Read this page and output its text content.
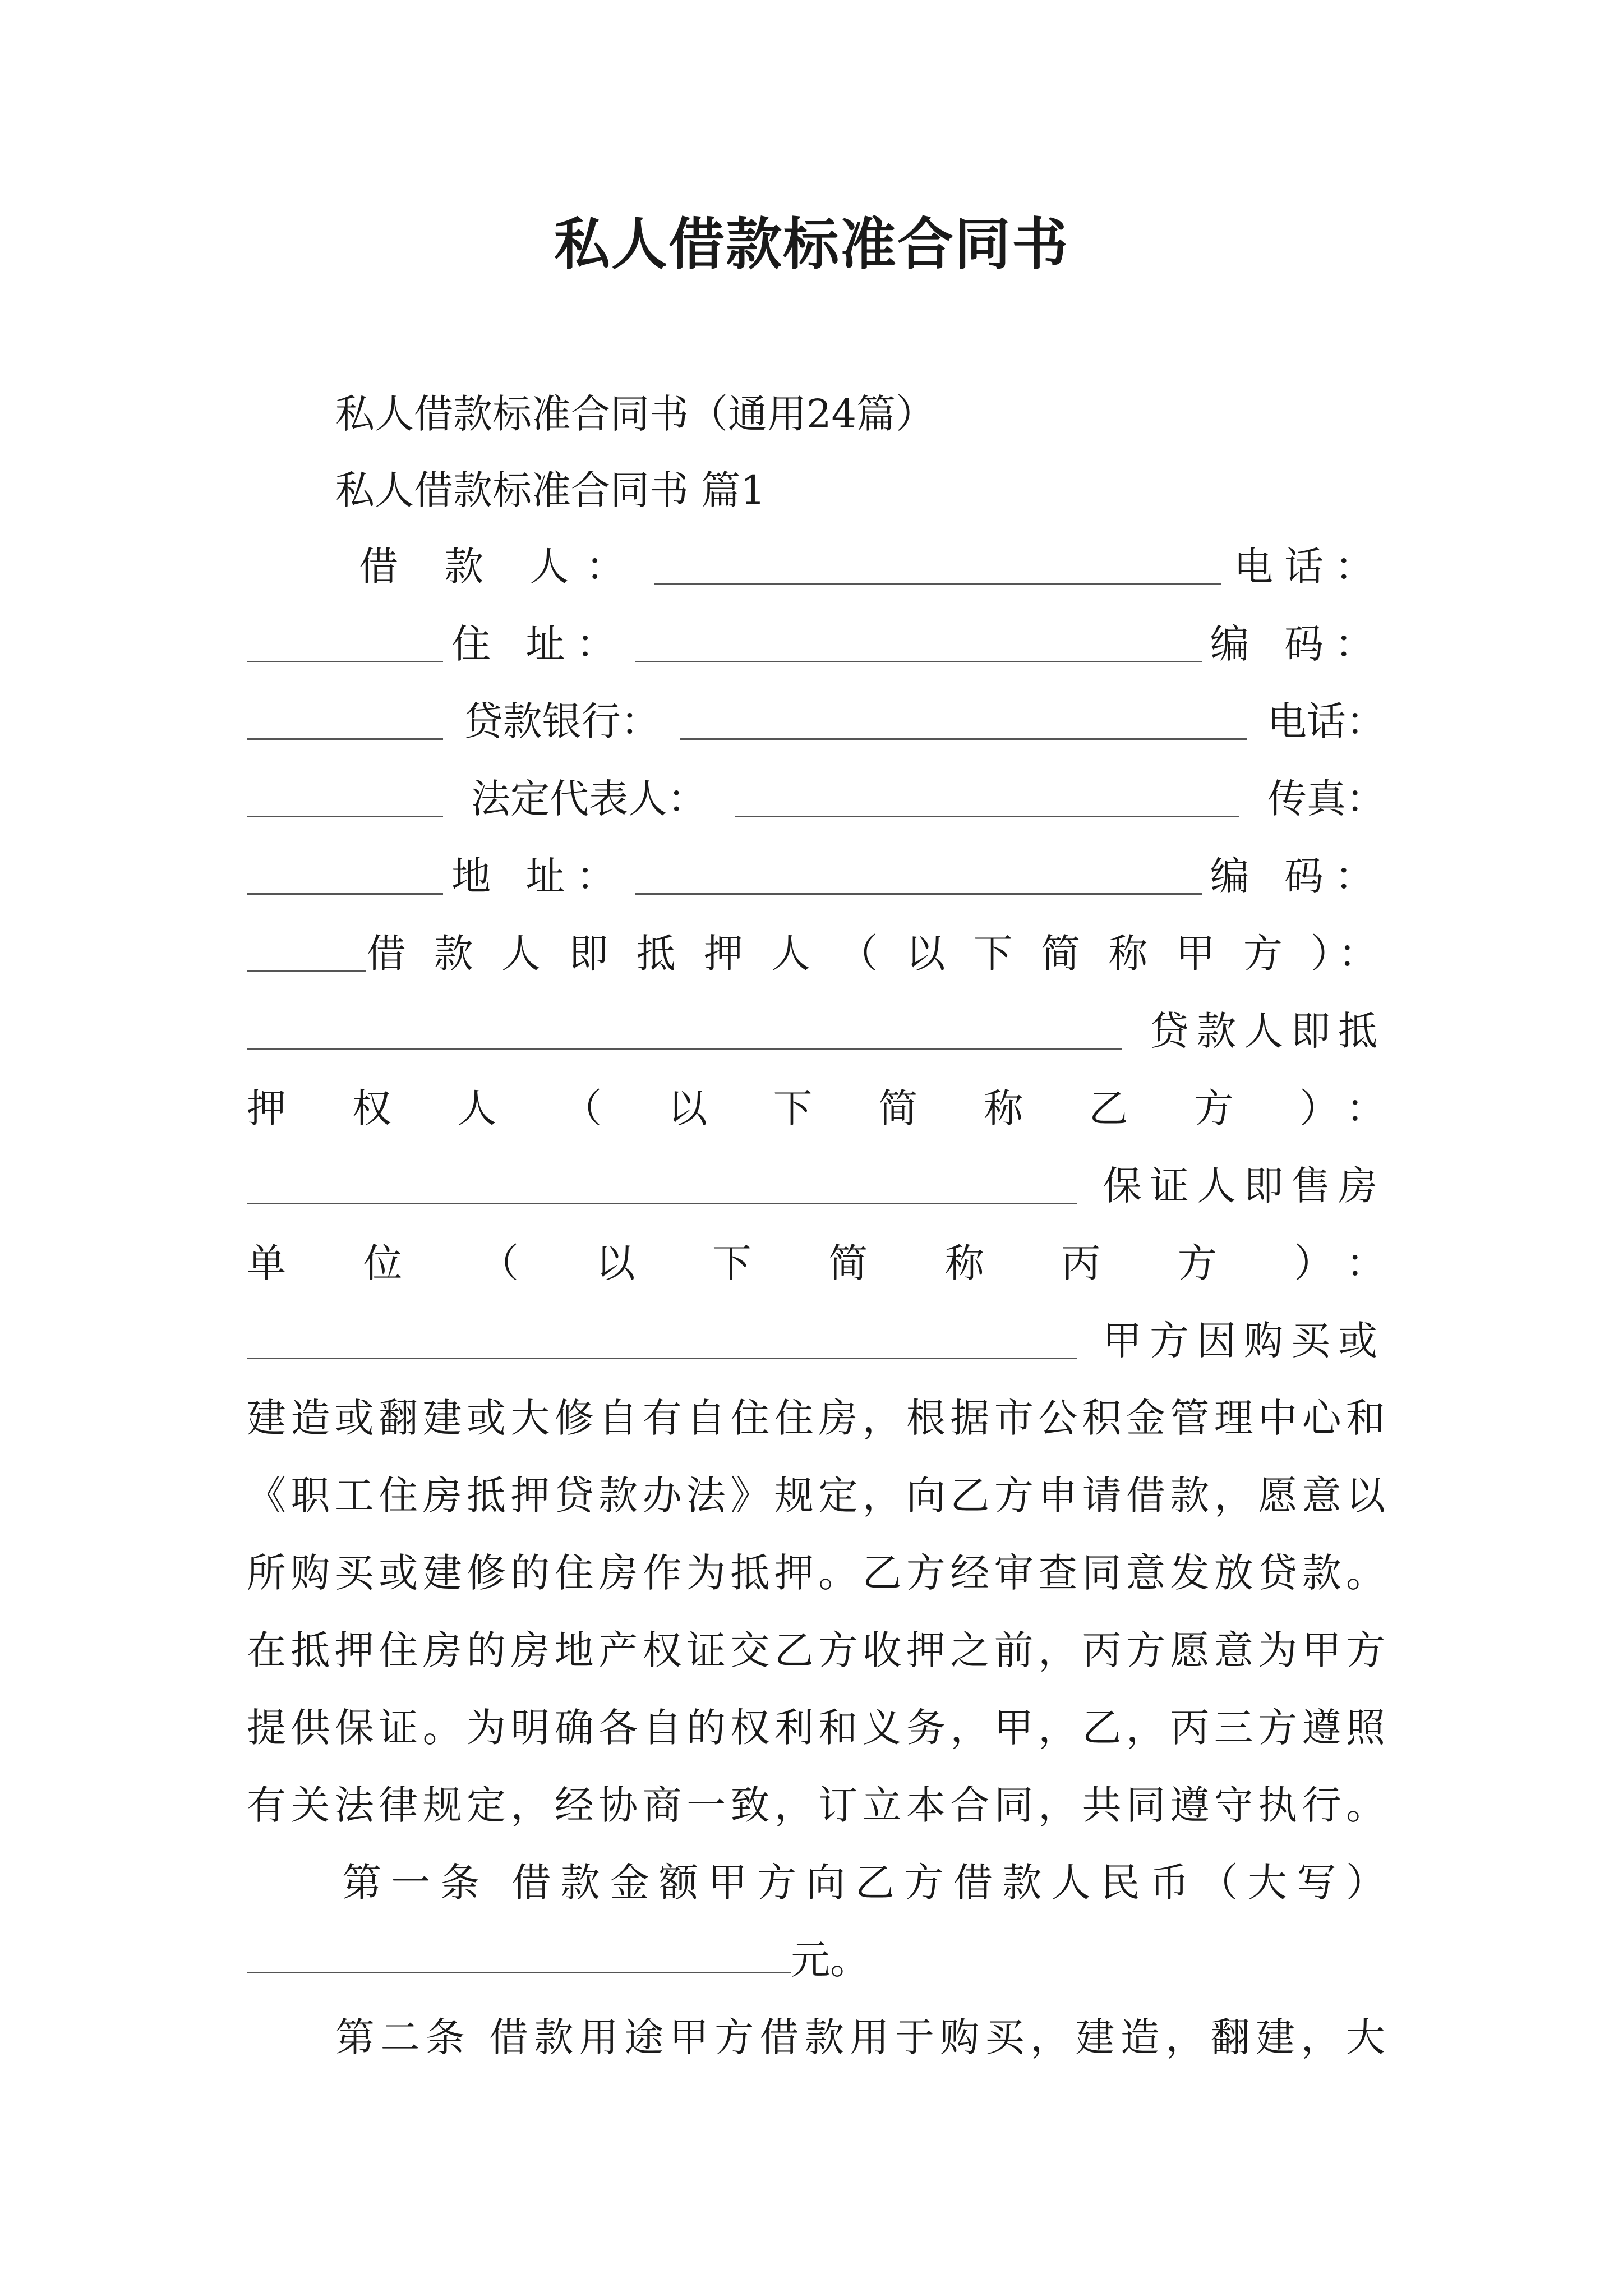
私人借款标准合同书
私人借款标准合同书（通用24篇）
私人借款标准合同书 篇1
借 款 人：	电话：
住 址：	编 码：
贷款银行：	电话：
法定代表人：	传真：
地 址：	编 码：
借 款 人 即 抵 押 人 （ 以 下 简 称 甲 方 ）：
贷款人即抵
押 权 人 （ 以 下 简 称 乙 方 ）：
保证人即售房
单 位 （ 以 下 简 称 丙 方 ）：
甲方因购买或
建造或翻建或大修自有自住住房，根据市公积金管理中心和
《职工住房抵押贷款办法》规定，向乙方申请借款，愿意以
所购买或建修的住房作为抵押。乙方经审查同意发放贷款。
在抵押住房的房地产权证交乙方收押之前，丙方愿意为甲方
提供保证。为明确各自的权利和义务，甲，乙，丙三方遵照
有关法律规定，经协商一致，订立本合同，共同遵守执行。
第一条 借款金额甲方向乙方借款人民币（大写）
元。
第二条 借款用途甲方借款用于购买，建造，翻建，大
